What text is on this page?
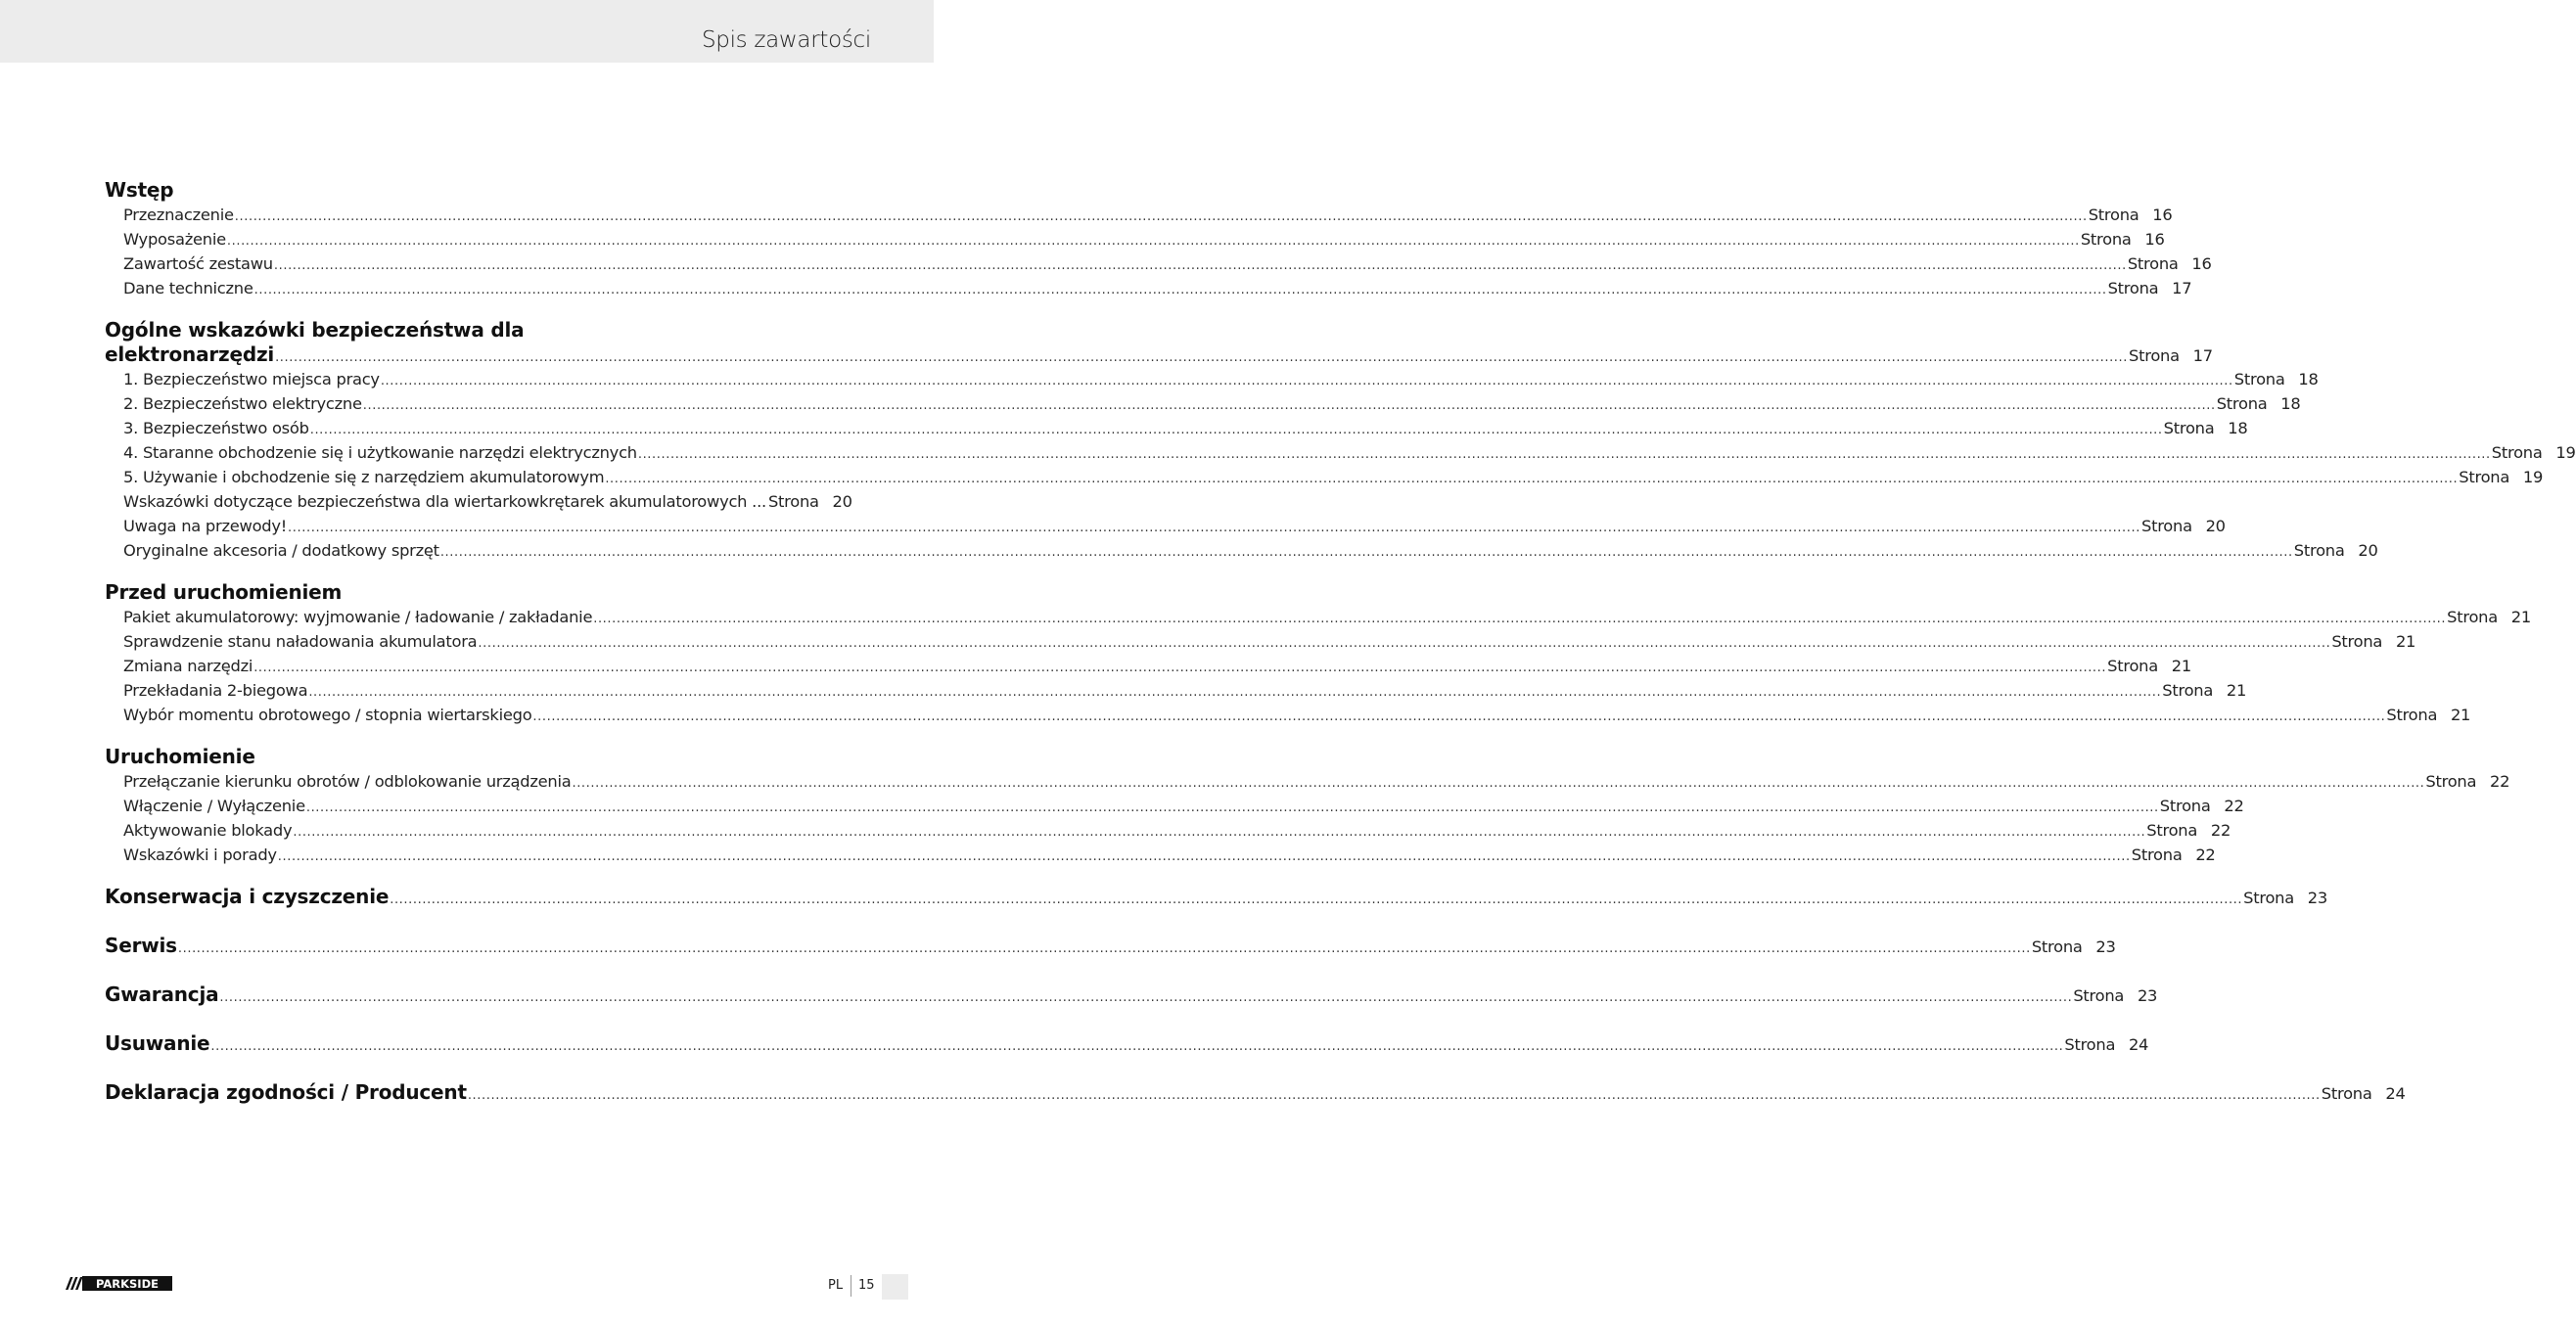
Spis zawartości
Wstęp
Przeznaczenie ................................................................................................................................................................................................................................................................................................................................................................................................................ Strona 16
Wyposażenie ................................................................................................................................................................................................................................................................................................................................................................................................................ Strona 16
Zawartość zestawu ................................................................................................................................................................................................................................................................................................................................................................................................................ Strona 16
Dane techniczne ................................................................................................................................................................................................................................................................................................................................................................................................................ Strona 17
Ogólne wskazówki bezpieczeństwa dla
elektronarzędzi ................................................................................................................................................................................................................................................................................................................................................................................................................ Strona 17
1. Bezpieczeństwo miejsca pracy ................................................................................................................................................................................................................................................................................................................................................................................................................ Strona 18
2. Bezpieczeństwo elektryczne ................................................................................................................................................................................................................................................................................................................................................................................................................ Strona 18
3. Bezpieczeństwo osób ................................................................................................................................................................................................................................................................................................................................................................................................................ Strona 18
4. Staranne obchodzenie się i użytkowanie narzędzi elektrycznych ................................................................................................................................................................................................................................................................................................................................................................................................................ Strona 19
5. Używanie i obchodzenie się z narzędziem akumulatorowym ................................................................................................................................................................................................................................................................................................................................................................................................................ Strona 19
Wskazówki dotyczące bezpieczeństwa dla wiertarkowkrętarek akumulatorowych ... Strona 20
Uwaga na przewody! ................................................................................................................................................................................................................................................................................................................................................................................................................ Strona 20
Oryginalne akcesoria / dodatkowy sprzęt ................................................................................................................................................................................................................................................................................................................................................................................................................ Strona 20
Przed uruchomieniem
Pakiet akumulatorowy: wyjmowanie / ładowanie / zakładanie ................................................................................................................................................................................................................................................................................................................................................................................................................ Strona 21
Sprawdzenie stanu naładowania akumulatora ................................................................................................................................................................................................................................................................................................................................................................................................................ Strona 21
Zmiana narzędzi ................................................................................................................................................................................................................................................................................................................................................................................................................ Strona 21
Przekładania 2-biegowa ................................................................................................................................................................................................................................................................................................................................................................................................................ Strona 21
Wybór momentu obrotowego / stopnia wiertarskiego ................................................................................................................................................................................................................................................................................................................................................................................................................ Strona 21
Uruchomienie
Przełączanie kierunku obrotów / odblokowanie urządzenia ................................................................................................................................................................................................................................................................................................................................................................................................................ Strona 22
Włączenie / Wyłączenie ................................................................................................................................................................................................................................................................................................................................................................................................................ Strona 22
Aktywowanie blokady ................................................................................................................................................................................................................................................................................................................................................................................................................ Strona 22
Wskazówki i porady ................................................................................................................................................................................................................................................................................................................................................................................................................ Strona 22
Konserwacja i czyszczenie ................................................................................................................................................................................................................................................................................................................................................................................................................ Strona 23
Serwis ................................................................................................................................................................................................................................................................................................................................................................................................................ Strona 23
Gwarancja ................................................................................................................................................................................................................................................................................................................................................................................................................ Strona 23
Usuwanie ................................................................................................................................................................................................................................................................................................................................................................................................................ Strona 24
Deklaracja zgodności / Producent ................................................................................................................................................................................................................................................................................................................................................................................................................ Strona 24
PARKSIDE	PL 15
